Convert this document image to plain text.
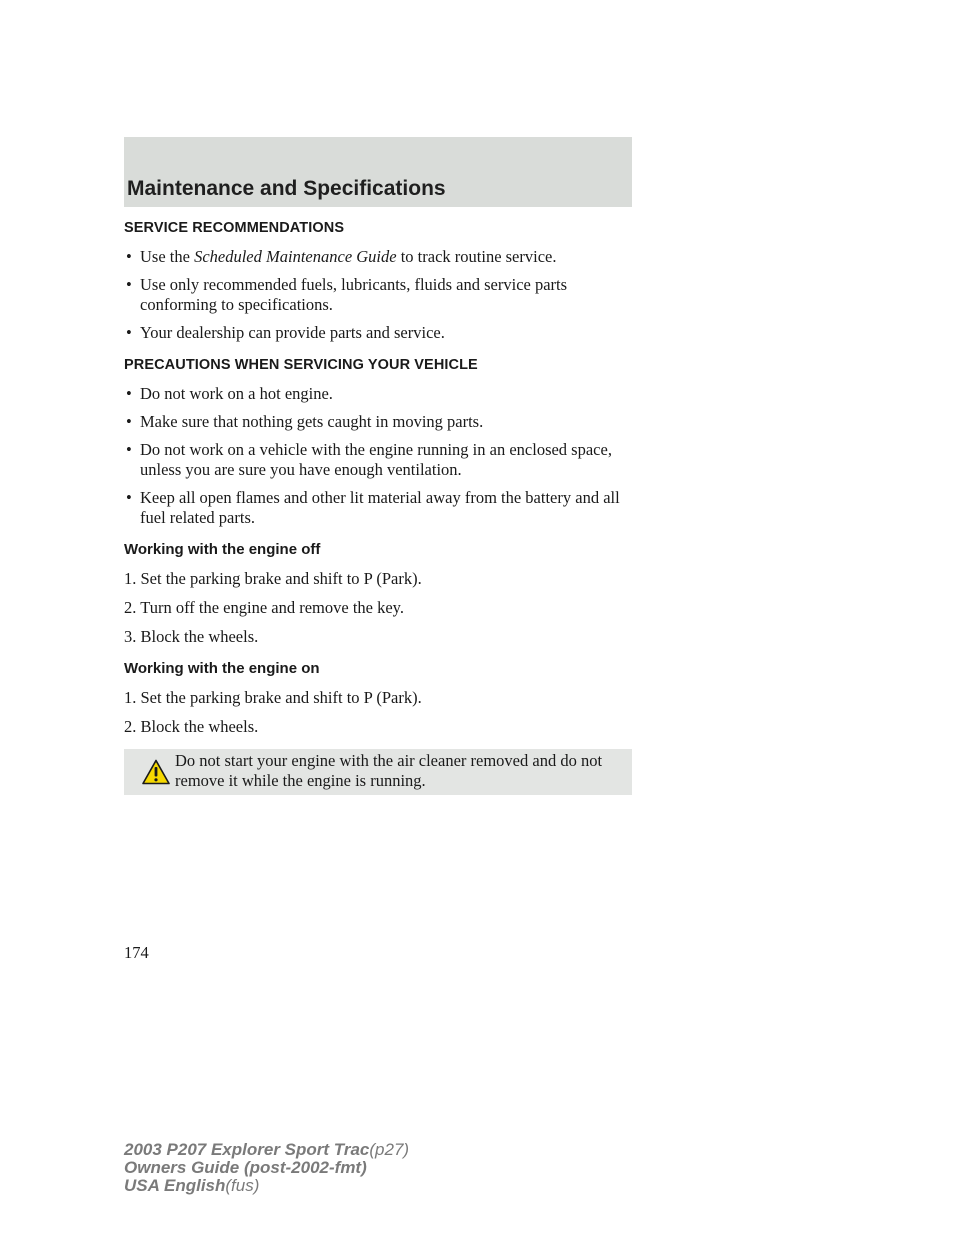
Maintenance and Specifications
SERVICE RECOMMENDATIONS
• Use the Scheduled Maintenance Guide to track routine service.
• Use only recommended fuels, lubricants, fluids and service parts conforming to specifications.
• Your dealership can provide parts and service.
PRECAUTIONS WHEN SERVICING YOUR VEHICLE
• Do not work on a hot engine.
• Make sure that nothing gets caught in moving parts.
• Do not work on a vehicle with the engine running in an enclosed space, unless you are sure you have enough ventilation.
• Keep all open flames and other lit material away from the battery and all fuel related parts.
Working with the engine off

1. Set the parking brake and shift to P (Park).

2. Turn off the engine and remove the key.

3. Block the wheels.

Working with the engine on

1. Set the parking brake and shift to P (Park).

2. Block the wheels.

Do not start your engine with the air cleaner removed and do not remove it while the engine is running.
174
2003 P207 Explorer Sport Trac(p27)
Owners Guide (post-2002-fmt)
USA English(fus)
